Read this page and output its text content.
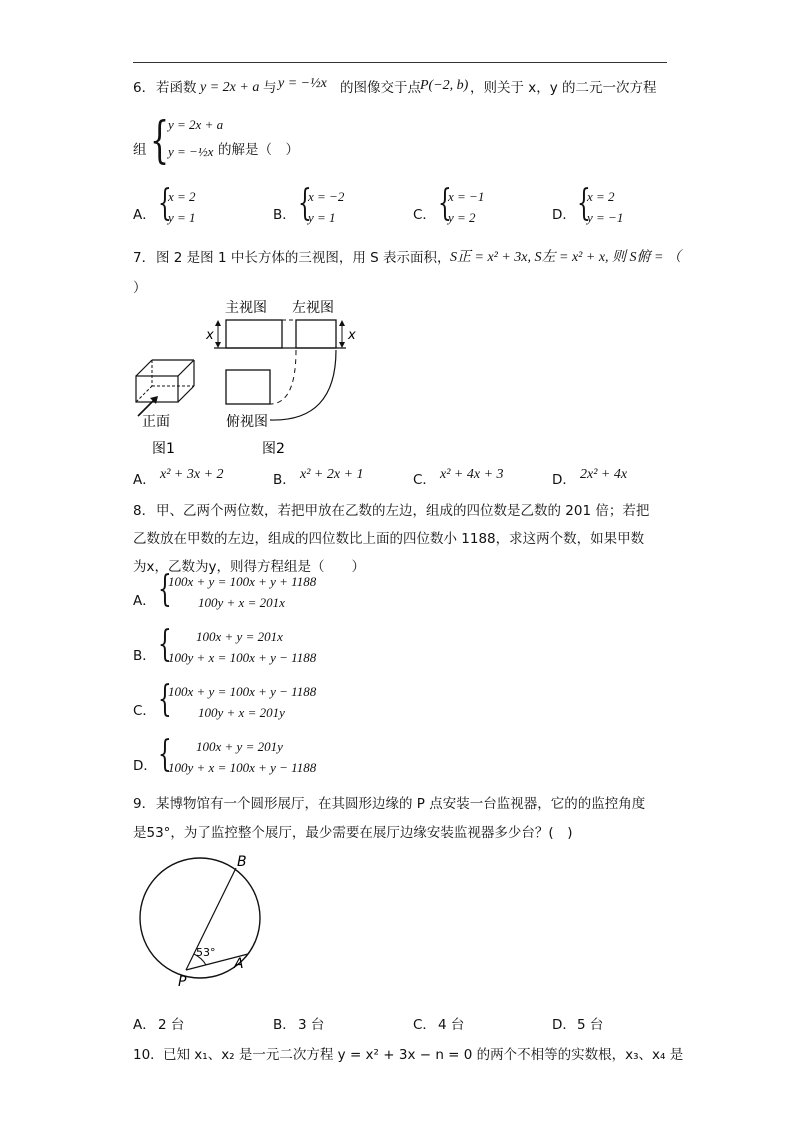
6． 若函数 y = 2x + a 与 y = −½x 的图像交于点 P(−2, b) ，则关于 x，y 的二元一次方程
组 {
y = 2x + a
y = −½x 的解是（　）
A． {
x = 2
y = 1	B． {
x = −2
y = 1	C． {
x = −1
y = 2	D． {
x = 2
y = −1
7． 图 2 是图 1 中长方体的三视图，用 S 表示面积， S正 = x² + 3x, S左 = x² + x, 则 S俯 = （
）
主视图 左视图
x	x
俯视图
正面
图1	图2
A． x² + 3x + 2	B． x² + 2x + 1	C． x² + 4x + 3	D． 2x² + 4x
8． 甲、乙两个两位数，若把甲放在乙数的左边，组成的四位数是乙数的 201 倍；若把
乙数放在甲数的左边，组成的四位数比上面的四位数小 1188，求这两个数，如果甲数
为x，乙数为y，则得方程组是（　　）
A． {
100x + y = 100x + y + 1188
100y + x = 201x
B． {	100x + y = 201x
100y + x = 100x + y − 1188
C． {
100x + y = 100x + y − 1188
100y + x = 201y
D． {	100x + y = 201y
100y + x = 100x + y − 1188
9． 某博物馆有一个圆形展厅，在其圆形边缘的 P 点安装一台监视器，它的的监控角度
是53°，为了监控整个展厅，最少需要在展厅边缘安装监视器多少台？(　)
B
A
P
53°
A． 2 台	B． 3 台	C． 4 台	D． 5 台
10． 已知 x₁、x₂ 是一元二次方程 y = x² + 3x − n = 0 的两个不相等的实数根，x₃、x₄ 是
